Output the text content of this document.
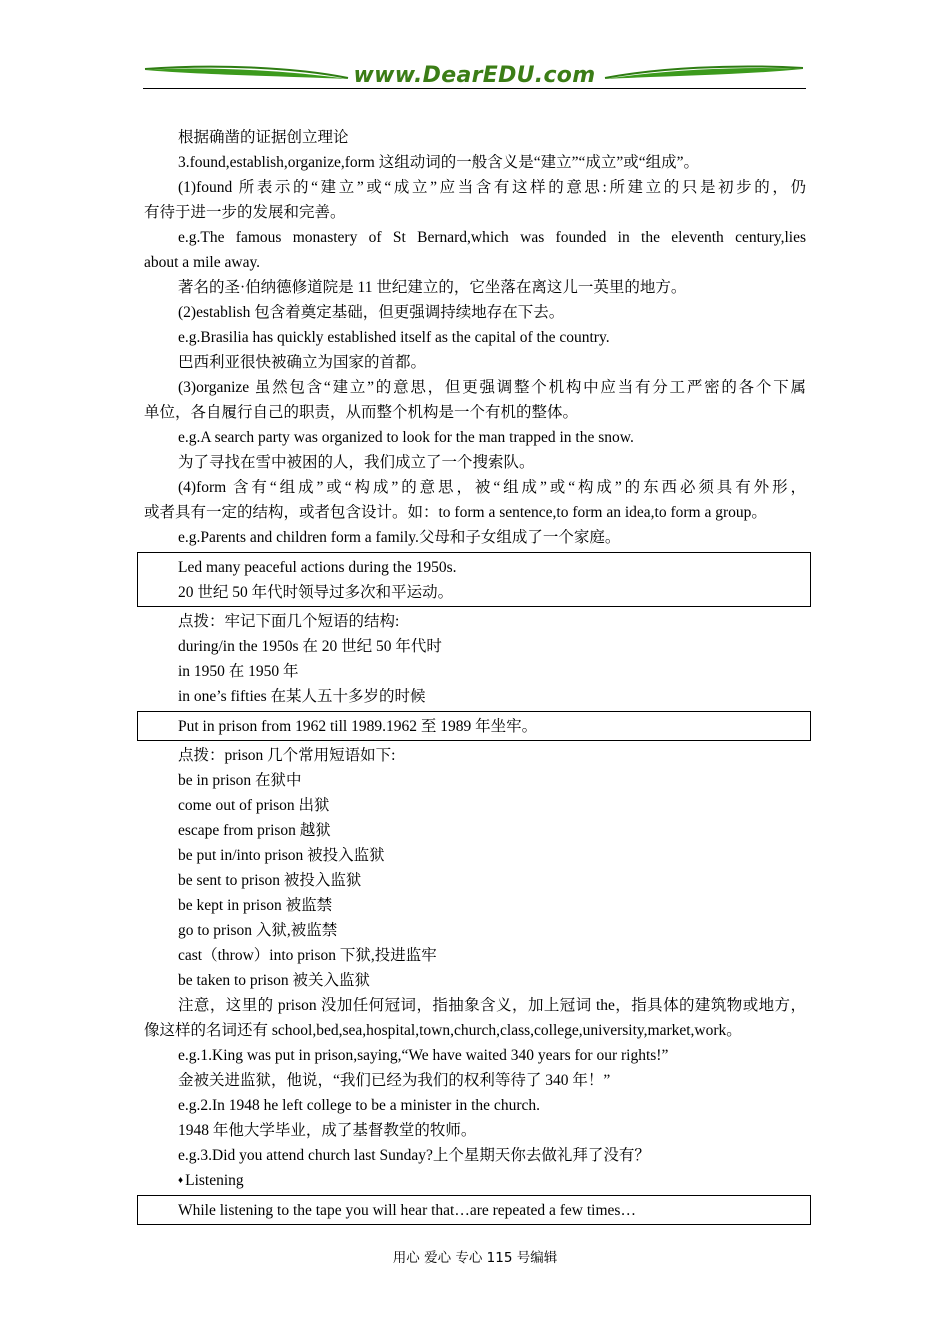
www.DearEDU.com
根据确凿的证据创立理论
3.found,establish,organize,form 这组动词的一般含义是“建立”“成立”或“组成”。
(1)found 所表示的“建立”或“成立”应当含有这样的意思:所建立的只是初步的，仍
有待于进一步的发展和完善。
e.g.The famous monastery of St Bernard,which was founded in the eleventh century,lies
about a mile away.
著名的圣·伯纳德修道院是 11 世纪建立的，它坐落在离这儿一英里的地方。
(2)establish 包含着奠定基础，但更强调持续地存在下去。
e.g.Brasilia has quickly established itself as the capital of the country.
巴西利亚很快被确立为国家的首都。
(3)organize 虽然包含“建立”的意思，但更强调整个机构中应当有分工严密的各个下属
单位，各自履行自己的职责，从而整个机构是一个有机的整体。
e.g.A search party was organized to look for the man trapped in the snow.
为了寻找在雪中被困的人，我们成立了一个搜索队。
(4)form 含有“组成”或“构成”的意思，被“组成”或“构成”的东西必须具有外形，
或者具有一定的结构，或者包含设计。如：to form a sentence,to form an idea,to form a group。
e.g.Parents and children form a family.父母和子女组成了一个家庭。
Led many peaceful actions during the 1950s.
20 世纪 50 年代时领导过多次和平运动。
点拨：牢记下面几个短语的结构:
during/in the 1950s 在 20 世纪 50 年代时
in 1950 在 1950 年
in one’s fifties 在某人五十多岁的时候
Put in prison from 1962 till 1989.1962 至 1989 年坐牢。
点拨：prison 几个常用短语如下:
be in prison 在狱中
come out of prison 出狱
escape from prison 越狱
be put in/into prison 被投入监狱
be sent to prison 被投入监狱
be kept in prison 被监禁
go to prison 入狱,被监禁
cast（throw）into prison 下狱,投进监牢
be taken to prison 被关入监狱
注意，这里的 prison 没加任何冠词，指抽象含义，加上冠词 the，指具体的建筑物或地方，
像这样的名词还有 school,bed,sea,hospital,town,church,class,college,university,market,work。
e.g.1.King was put in prison,saying,“We have waited 340 years for our rights!”
金被关进监狱，他说，“我们已经为我们的权利等待了 340 年！”
e.g.2.In 1948 he left college to be a minister in the church.
1948 年他大学毕业，成了基督教堂的牧师。
e.g.3.Did you attend church last Sunday?上个星期天你去做礼拜了没有？
♦ Listening
While listening to the tape you will hear that…are repeated a few times…
用心 爱心 专心 115 号编辑
